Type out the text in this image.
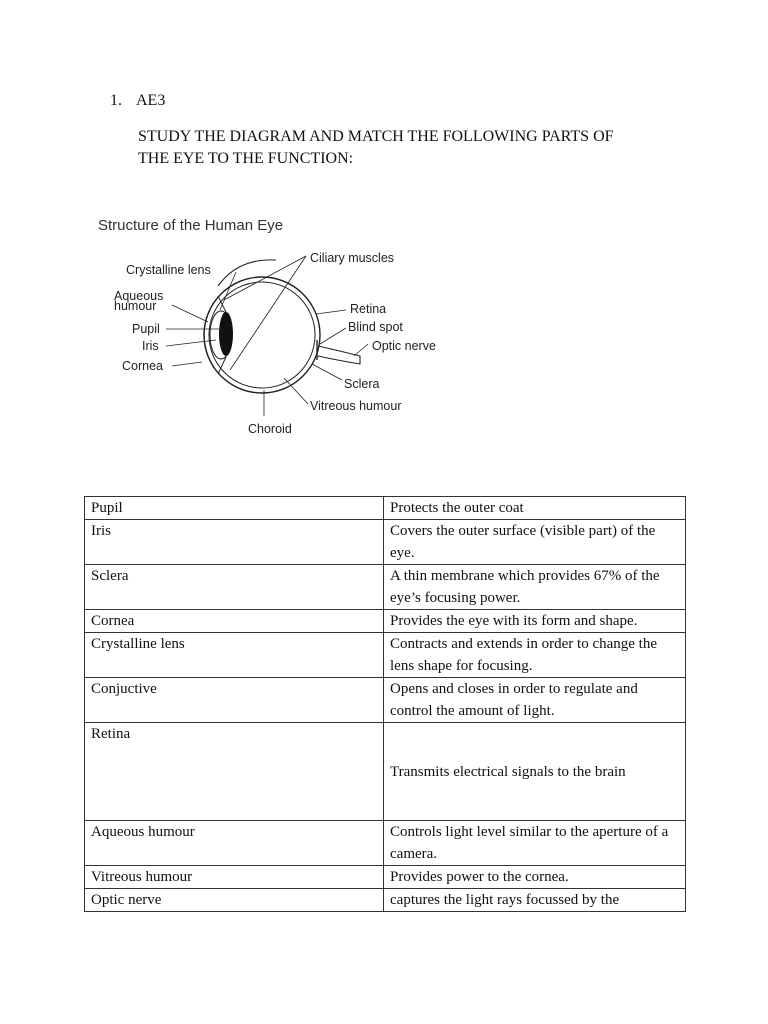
1. AE3
STUDY THE DIAGRAM AND MATCH THE FOLLOWING PARTS OF
THE EYE TO THE FUNCTION:
Structure of the Human Eye
Crystalline lens
Aqueous
humour
Pupil
Iris
Cornea
Ciliary muscles
Retina
Blind spot
Optic nerve
Sclera
Vitreous humour
Choroid
Pupil	Protects the outer coat
Iris	Covers the outer surface (visible part) of the eye.
Sclera	A thin membrane which provides 67% of the eye’s focusing power.
Cornea	Provides the eye with its form and shape.
Crystalline lens	Contracts and extends in order to change the lens shape for focusing.
Conjuctive	Opens and closes in order to regulate and control the amount of light.
Retina	Transmits electrical signals to the brain
Aqueous humour	Controls light level similar to the aperture of a camera.
Vitreous humour	Provides power to the cornea.
Optic nerve	captures the light rays focussed by the
